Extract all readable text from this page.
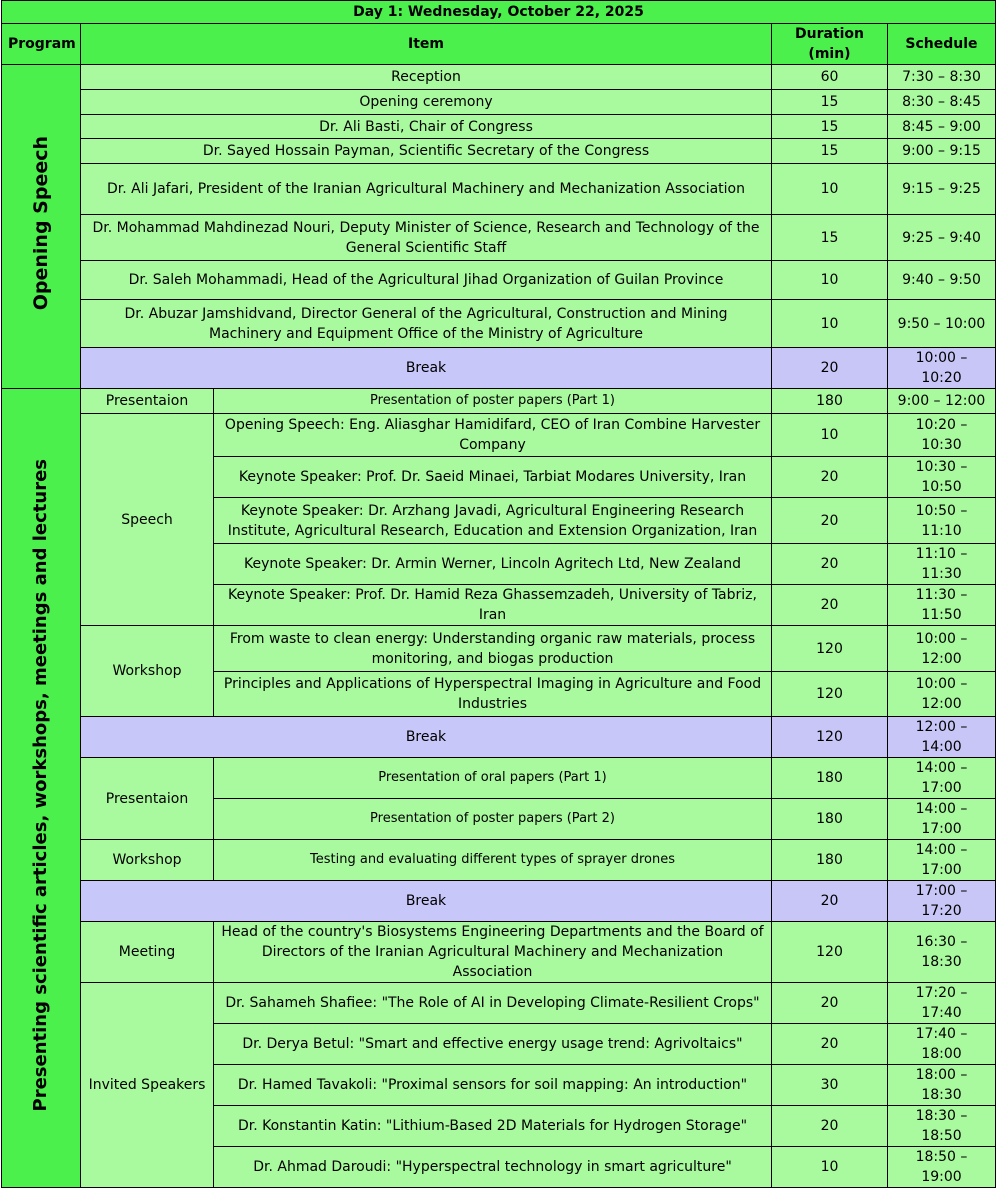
Day 1: Wednesday, October 22, 2025				
Program	Item		Duration (min)	Schedule
Opening Speech	Reception		60	7:30 – 8:30
	Opening ceremony		15	8:30 – 8:45
	Dr. Ali Basti, Chair of Congress		15	8:45 – 9:00
	Dr. Sayed Hossain Payman, Scientific Secretary of the Congress		15	9:00 – 9:15
	Dr. Ali Jafari, President of the Iranian Agricultural Machinery and Mechanization Association		10	9:15 – 9:25
	Dr. Mohammad Mahdinezad Nouri, Deputy Minister of Science, Research and Technology of the General Scientific Staff		15	9:25 – 9:40
	Dr. Saleh Mohammadi, Head of the Agricultural Jihad Organization of Guilan Province		10	9:40 – 9:50
	Dr. Abuzar Jamshidvand, Director General of the Agricultural, Construction and Mining Machinery and Equipment Office of the Ministry of Agriculture		10	9:50 – 10:00
	Break		20	10:00 – 10:20
Presenting scientific articles, workshops, meetings and lectures	Presentaion	Presentation of poster papers (Part 1)	180	9:00 – 12:00
	Speech	Opening Speech: Eng. Aliasghar Hamidifard, CEO of Iran Combine Harvester Company	10	10:20 – 10:30
		Keynote Speaker: Prof. Dr. Saeid Minaei, Tarbiat Modares University, Iran	20	10:30 – 10:50
		Keynote Speaker: Dr. Arzhang Javadi, Agricultural Engineering Research Institute, Agricultural Research, Education and Extension Organization, Iran	20	10:50 – 11:10
		Keynote Speaker: Dr. Armin Werner, Lincoln Agritech Ltd, New Zealand	20	11:10 – 11:30
		Keynote Speaker: Prof. Dr. Hamid Reza Ghassemzadeh, University of Tabriz, Iran	20	11:30 – 11:50
	Workshop	From waste to clean energy: Understanding organic raw materials, process monitoring, and biogas production	120	10:00 – 12:00
		Principles and Applications of Hyperspectral Imaging in Agriculture and Food Industries	120	10:00 – 12:00
	Break		120	12:00 – 14:00
	Presentaion	Presentation of oral papers (Part 1)	180	14:00 – 17:00
		Presentation of poster papers (Part 2)	180	14:00 – 17:00
	Workshop	Testing and evaluating different types of sprayer drones	180	14:00 – 17:00
	Break		20	17:00 – 17:20
	Meeting	Head of the country's Biosystems Engineering Departments and the Board of Directors of the Iranian Agricultural Machinery and Mechanization Association	120	16:30 – 18:30
	Invited Speakers	Dr. Sahameh Shafiee: "The Role of AI in Developing Climate-Resilient Crops"	20	17:20 – 17:40
		Dr. Derya Betul: "Smart and effective energy usage trend: Agrivoltaics"	20	17:40 – 18:00
		Dr. Hamed Tavakoli: "Proximal sensors for soil mapping: An introduction"	30	18:00 – 18:30
		Dr. Konstantin Katin: "Lithium-Based 2D Materials for Hydrogen Storage"	20	18:30 – 18:50
		Dr. Ahmad Daroudi: "Hyperspectral technology in smart agriculture"	10	18:50 – 19:00
